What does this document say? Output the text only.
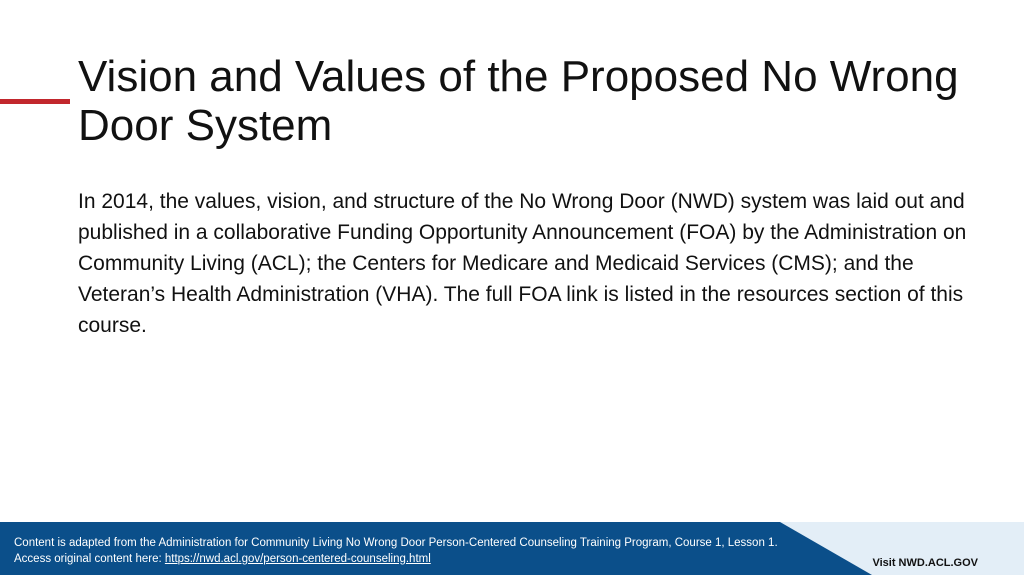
Vision and Values of the Proposed No Wrong Door System

In 2014, the values, vision, and structure of the No Wrong Door (NWD) system was laid out and published in a collaborative Funding Opportunity Announcement (FOA) by the Administration on Community Living (ACL); the Centers for Medicare and Medicaid Services (CMS); and the Veteran’s Health Administration (VHA). The full FOA link is listed in the resources section of this course.

Content is adapted from the Administration for Community Living No Wrong Door Person-Centered Counseling Training Program, Course 1, Lesson 1.
Access original content here: https://nwd.acl.gov/person-centered-counseling.html	Visit NWD.ACL.GOV
